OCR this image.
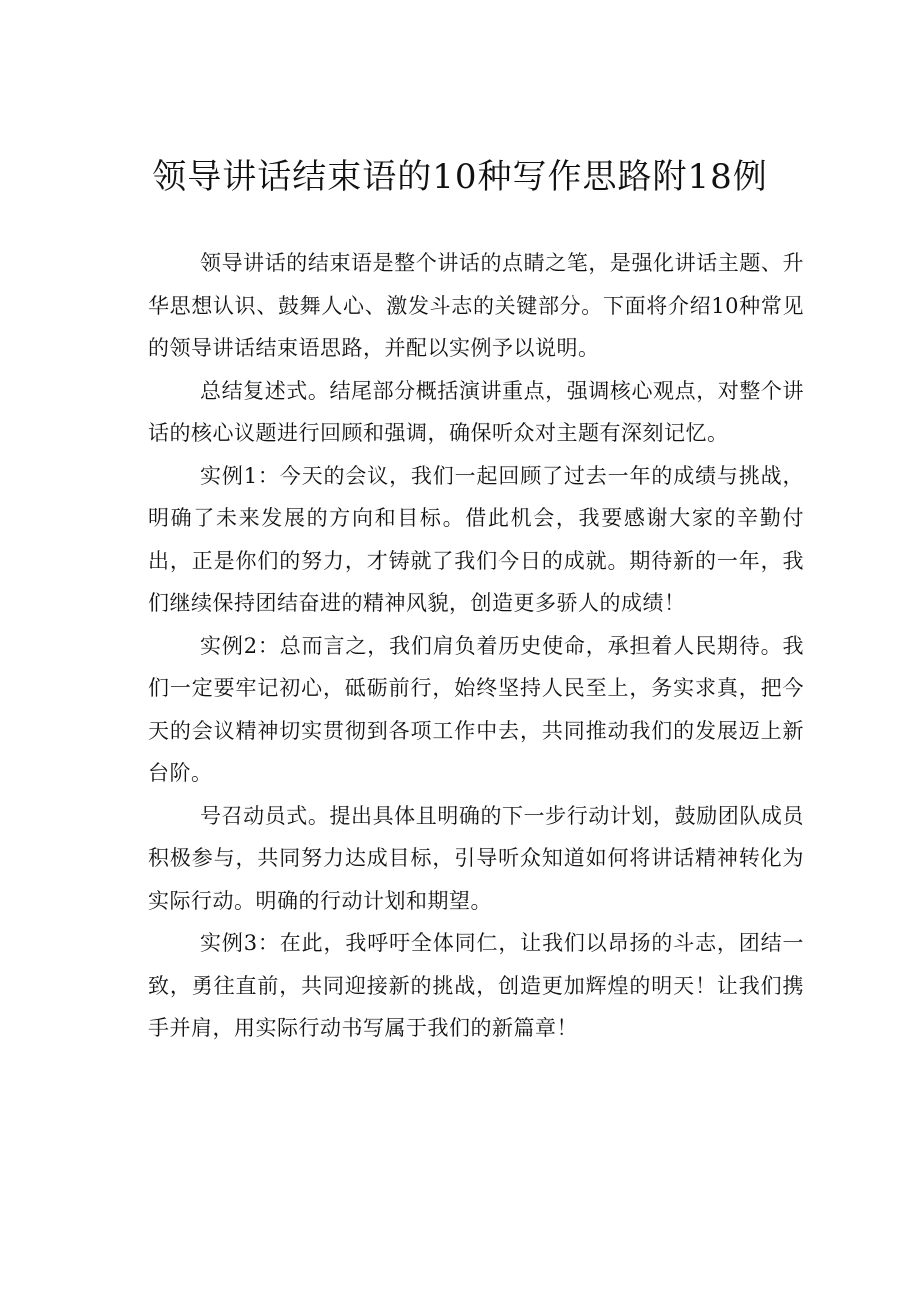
领导讲话结束语的10种写作思路附18例

领导讲话的结束语是整个讲话的点睛之笔，是强化讲话主题、升华思想认识、鼓舞人心、激发斗志的关键部分。下面将介绍10种常见的领导讲话结束语思路，并配以实例予以说明。

总结复述式。结尾部分概括演讲重点，强调核心观点，对整个讲话的核心议题进行回顾和强调，确保听众对主题有深刻记忆。

实例1：今天的会议，我们一起回顾了过去一年的成绩与挑战，明确了未来发展的方向和目标。借此机会，我要感谢大家的辛勤付出，正是你们的努力，才铸就了我们今日的成就。期待新的一年，我们继续保持团结奋进的精神风貌，创造更多骄人的成绩！

实例2：总而言之，我们肩负着历史使命，承担着人民期待。我们一定要牢记初心，砥砺前行，始终坚持人民至上，务实求真，把今天的会议精神切实贯彻到各项工作中去，共同推动我们的发展迈上新台阶。

号召动员式。提出具体且明确的下一步行动计划，鼓励团队成员积极参与，共同努力达成目标，引导听众知道如何将讲话精神转化为实际行动。明确的行动计划和期望。

实例3：在此，我呼吁全体同仁，让我们以昂扬的斗志，团结一致，勇往直前，共同迎接新的挑战，创造更加辉煌的明天！让我们携手并肩，用实际行动书写属于我们的新篇章！
